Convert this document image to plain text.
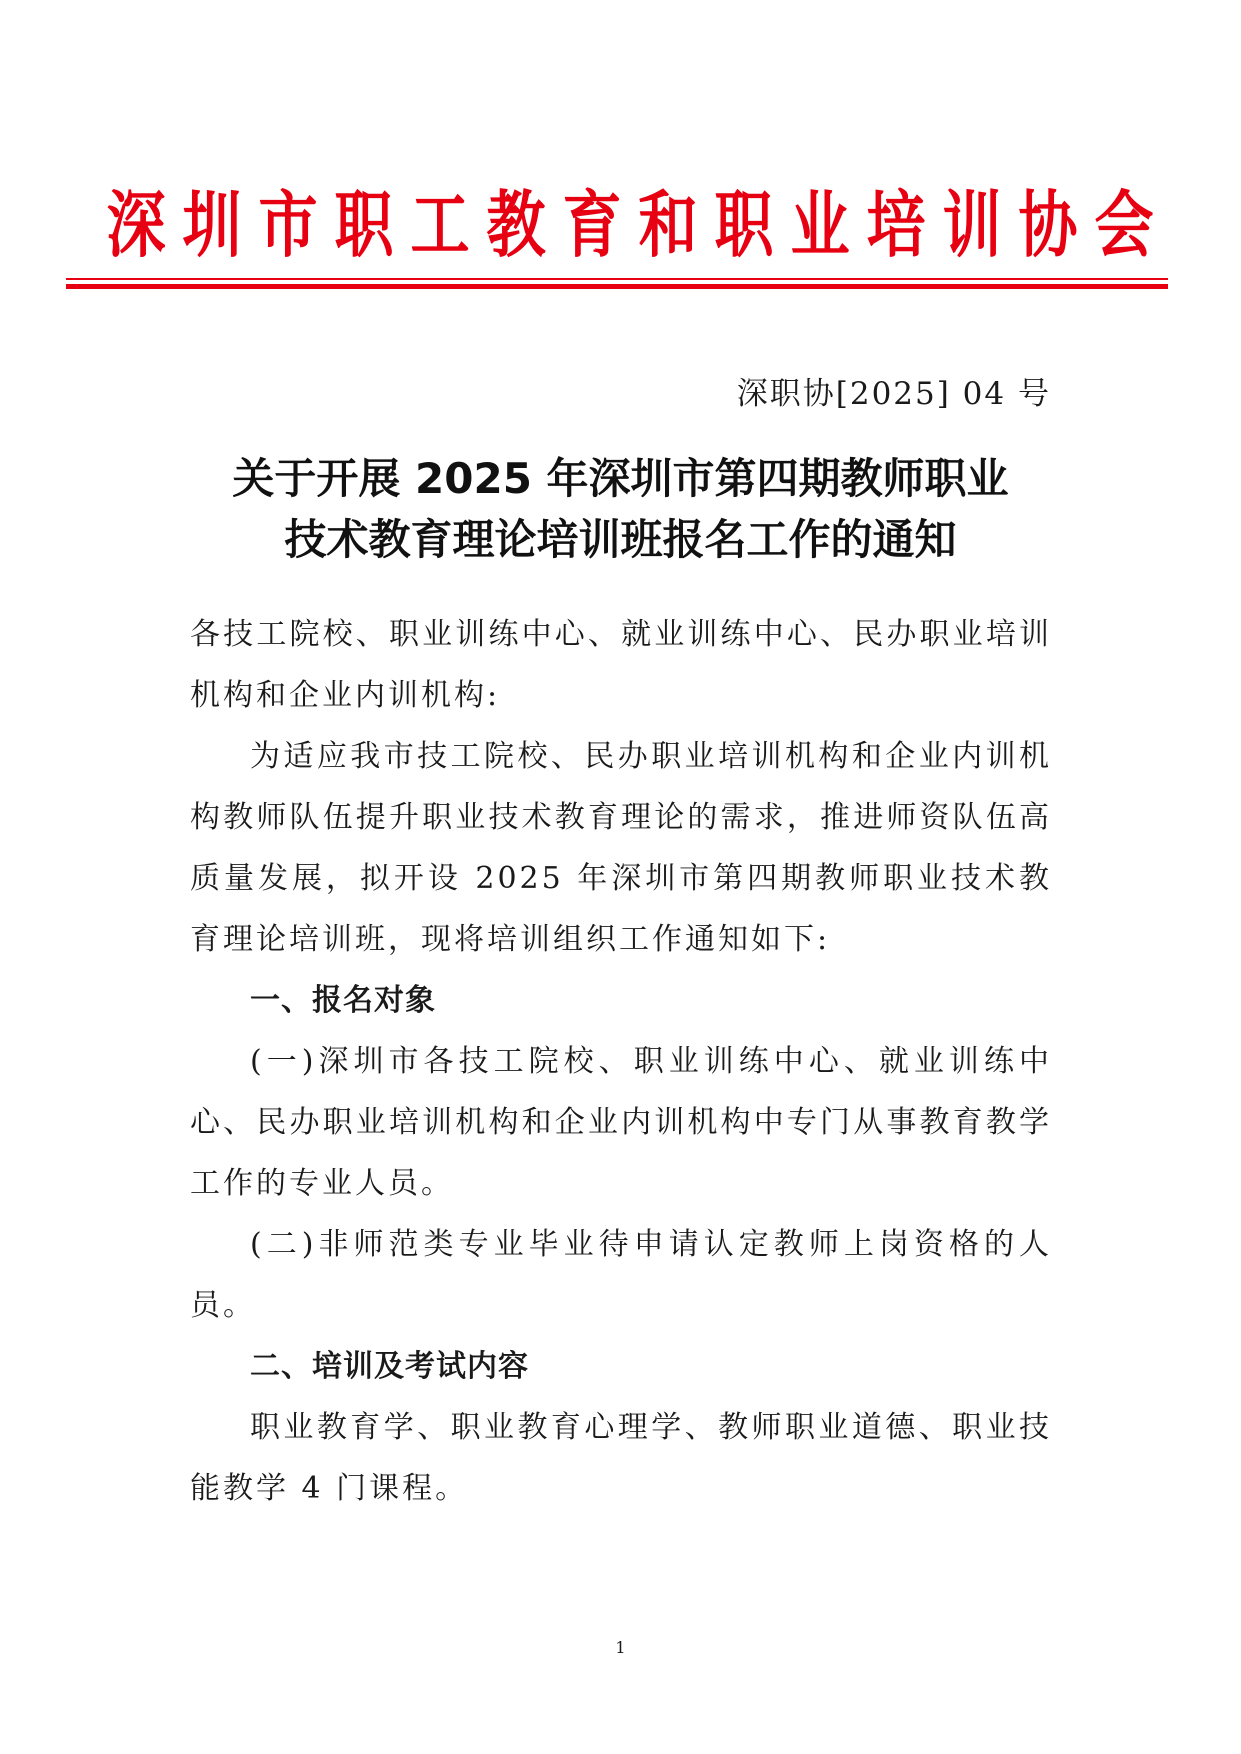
深 圳 市 职 工 教 育 和 职 业 培 训 协 会
深职协[2025] 04 号
关于开展 2025 年深圳市第四期教师职业
技术教育理论培训班报名工作的通知

各技工院校、职业训练中心、就业训练中心、民办职业培训机构和企业内训机构:

为适应我市技工院校、民办职业培训机构和企业内训机构教师队伍提升职业技术教育理论的需求，推进师资队伍高质量发展，拟开设 2025 年深圳市第四期教师职业技术教育理论培训班，现将培训组织工作通知如下:

一、报名对象

(一)深圳市各技工院校、职业训练中心、就业训练中心、民办职业培训机构和企业内训机构中专门从事教育教学工作的专业人员。

(二)非师范类专业毕业待申请认定教师上岗资格的人员。

二、培训及考试内容

职业教育学、职业教育心理学、教师职业道德、职业技能教学 4 门课程。

1
